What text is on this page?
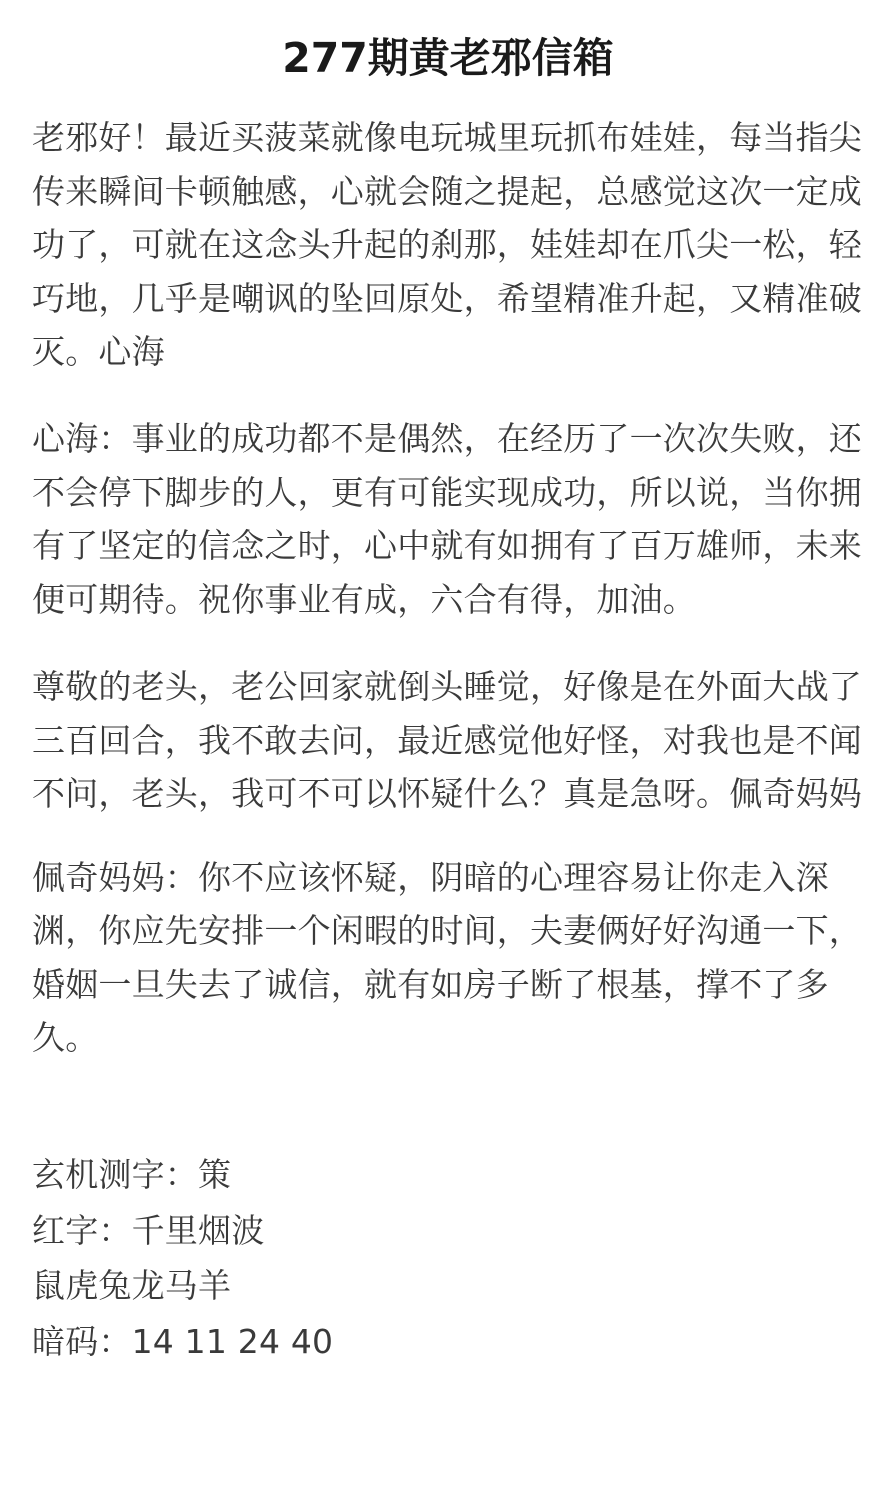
277期黄老邪信箱

老邪好！最近买菠菜就像电玩城里玩抓布娃娃，每当指尖传来瞬间卡顿触感，心就会随之提起，总感觉这次一定成功了，可就在这念头升起的刹那，娃娃却在爪尖一松，轻巧地，几乎是嘲讽的坠回原处，希望精准升起，又精准破灭。心海

心海：事业的成功都不是偶然，在经历了一次次失败，还不会停下脚步的人，更有可能实现成功，所以说，当你拥有了坚定的信念之时，心中就有如拥有了百万雄师，未来便可期待。祝你事业有成，六合有得，加油。

尊敬的老头，老公回家就倒头睡觉，好像是在外面大战了三百回合，我不敢去问，最近感觉他好怪，对我也是不闻不问，老头，我可不可以怀疑什么？真是急呀。佩奇妈妈

佩奇妈妈：你不应该怀疑，阴暗的心理容易让你走入深渊，你应先安排一个闲暇的时间，夫妻俩好好沟通一下，婚姻一旦失去了诚信，就有如房子断了根基，撑不了多久。

玄机测字：策

红字：千里烟波

鼠虎兔龙马羊

暗码：14 11 24 40
